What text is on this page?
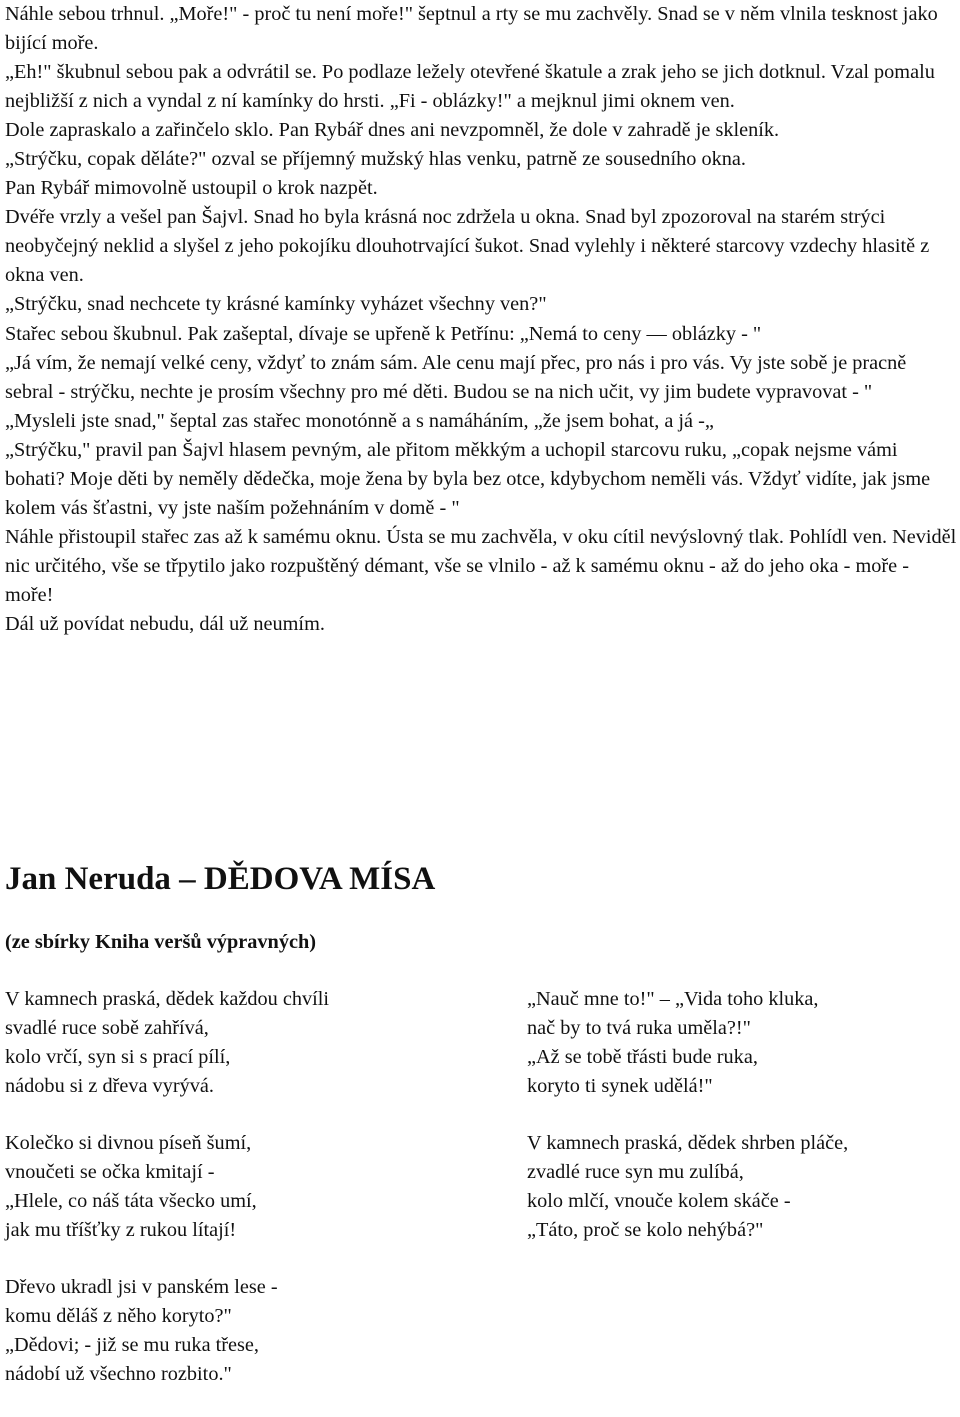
Náhle sebou trhnul. „Moře!" - proč tu není moře!" šeptnul a rty se mu zachvěly. Snad se v něm vlnila tesknost jako bijící moře.

„Eh!" škubnul sebou pak a odvrátil se. Po podlaze ležely otevřené škatule a zrak jeho se jich dotknul. Vzal pomalu nejbližší z nich a vyndal z ní kamínky do hrsti. „Fi - oblázky!" a mejknul jimi oknem ven.

Dole zapraskalo a zařinčelo sklo. Pan Rybář dnes ani nevzpomněl, že dole v zahradě je skleník.

„Strýčku, copak děláte?" ozval se příjemný mužský hlas venku, patrně ze sousedního okna.

Pan Rybář mimovolně ustoupil o krok nazpět.

Dvéře vrzly a vešel pan Šajvl. Snad ho byla krásná noc zdržela u okna. Snad byl zpozoroval na starém strýci neobyčejný neklid a slyšel z jeho pokojíku dlouhotrvající šukot. Snad vylehly i některé starcovy vzdechy hlasitě z okna ven.

„Strýčku, snad nechcete ty krásné kamínky vyházet všechny ven?"

Stařec sebou škubnul. Pak zašeptal, dívaje se upřeně k Petřínu: „Nemá to ceny — oblázky - "

„Já vím, že nemají velké ceny, vždyť to znám sám. Ale cenu mají přec, pro nás i pro vás. Vy jste sobě je pracně sebral - strýčku, nechte je prosím všechny pro mé děti. Budou se na nich učit, vy jim budete vypravovat - "

„Mysleli jste snad," šeptal zas stařec monotónně a s namáháním, „že jsem bohat, a já -„

„Strýčku," pravil pan Šajvl hlasem pevným, ale přitom měkkým a uchopil starcovu ruku, „copak nejsme vámi bohati? Moje děti by neměly dědečka, moje žena by byla bez otce, kdybychom neměli vás. Vždyť vidíte, jak jsme kolem vás šťastni, vy jste naším požehnáním v domě - "

Náhle přistoupil stařec zas až k samému oknu. Ústa se mu zachvěla, v oku cítil nevýslovný tlak. Pohlídl ven. Neviděl nic určitého, vše se třpytilo jako rozpuštěný démant, vše se vlnilo - až k samému oknu - až do jeho oka - moře - moře!

Dál už povídat nebudu, dál už neumím.

Jan Neruda – DĚDOVA MÍSA
(ze sbírky Kniha veršů výpravných)
V kamnech praská, dědek každou chvíli
svadlé ruce sobě zahřívá,
kolo vrčí, syn si s prací pílí,
nádobu si z dřeva vyrývá.
Kolečko si divnou píseň šumí,
vnoučeti se očka kmitají -
„Hlele, co náš táta všecko umí,
jak mu tříšťky z rukou lítají!
Dřevo ukradl jsi v panském lese -
komu děláš z něho koryto?"
„Dědovi; - již se mu ruka třese,
nádobí už všechno rozbito."
„Nauč mne to!" – „Vida toho kluka,
nač by to tvá ruka uměla?!"
„Až se tobě třásti bude ruka,
koryto ti synek udělá!"
V kamnech praská, dědek shrben pláče,
zvadlé ruce syn mu zulíbá,
kolo mlčí, vnouče kolem skáče -
„Táto, proč se kolo nehýbá?"
